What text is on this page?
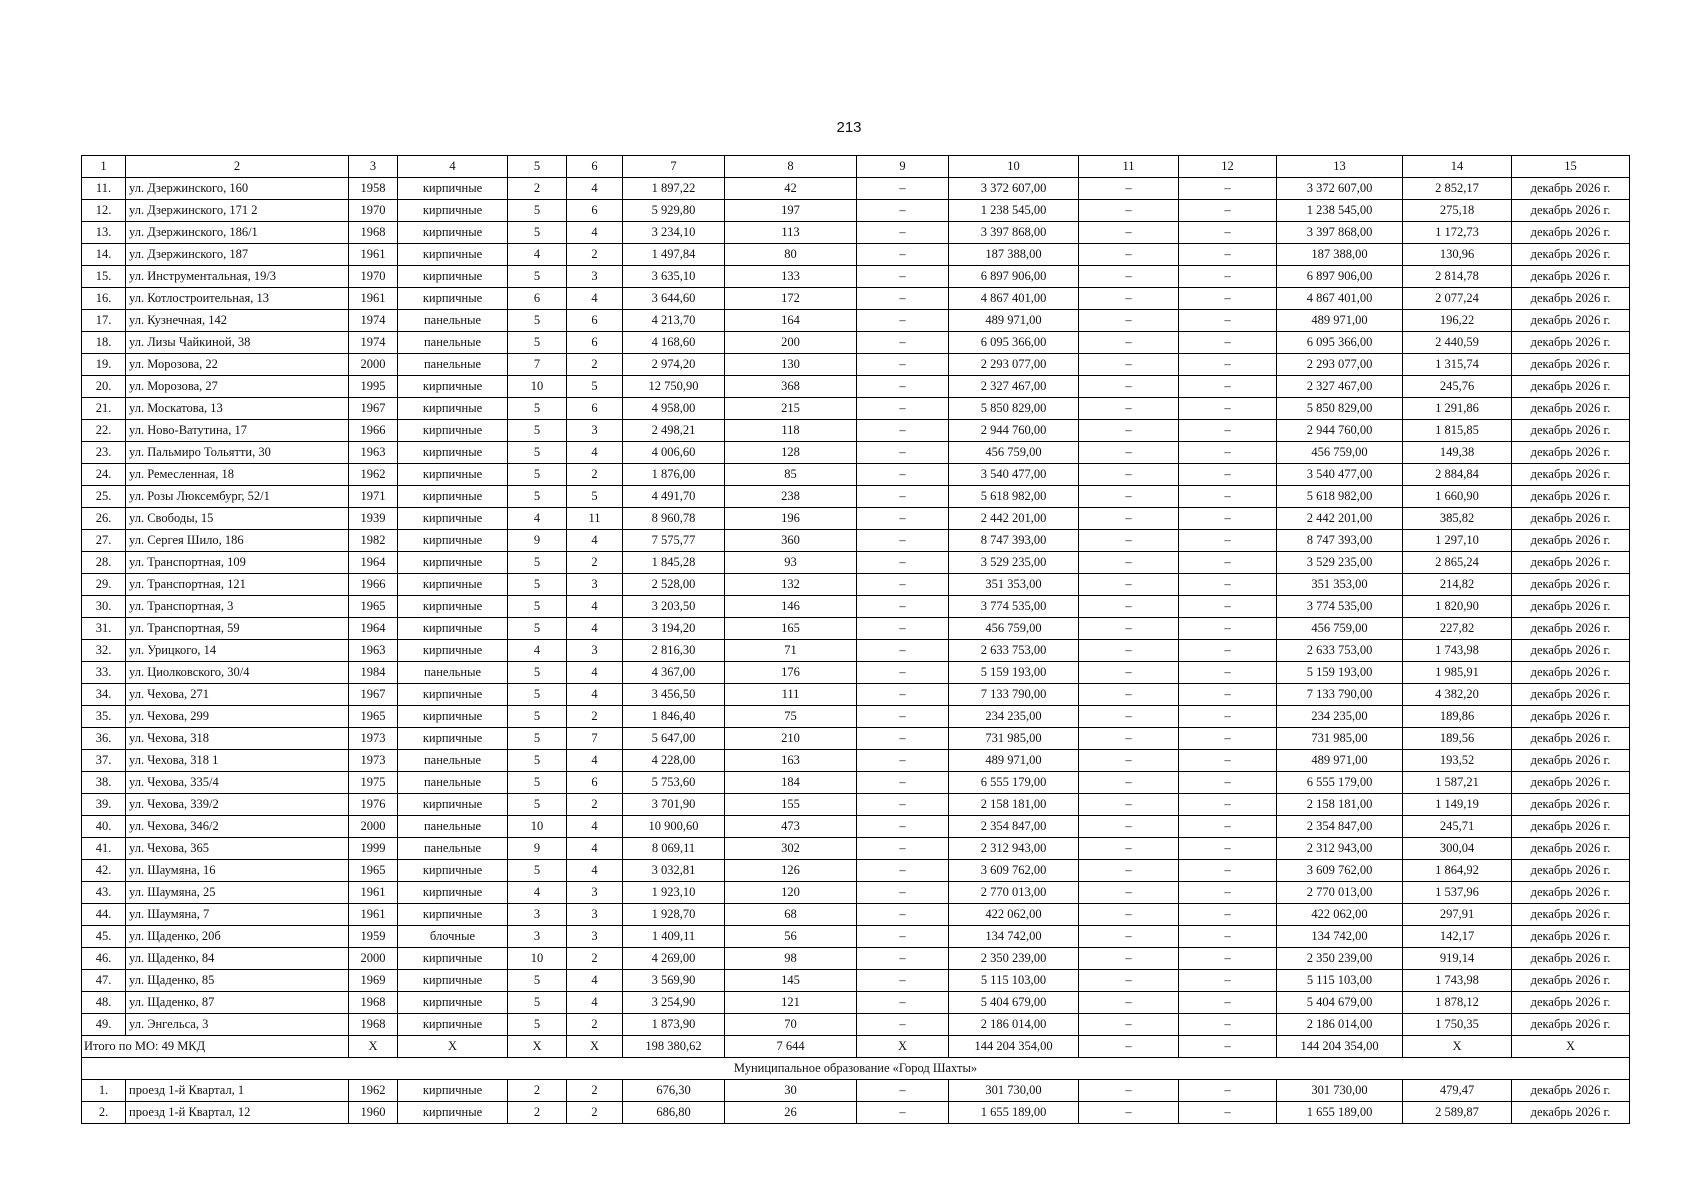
213
1	2	3	4	5	6	7	8	9	10	11	12	13	14	15
11.	ул. Дзержинского, 160	1958	кирпичные	2	4	1 897,22	42	–	3 372 607,00	–	–	3 372 607,00	2 852,17	декабрь 2026 г.
12.	ул. Дзержинского, 171 2	1970	кирпичные	5	6	5 929,80	197	–	1 238 545,00	–	–	1 238 545,00	275,18	декабрь 2026 г.
13.	ул. Дзержинского, 186/1	1968	кирпичные	5	4	3 234,10	113	–	3 397 868,00	–	–	3 397 868,00	1 172,73	декабрь 2026 г.
14.	ул. Дзержинского, 187	1961	кирпичные	4	2	1 497,84	80	–	187 388,00	–	–	187 388,00	130,96	декабрь 2026 г.
15.	ул. Инструментальная, 19/3	1970	кирпичные	5	3	3 635,10	133	–	6 897 906,00	–	–	6 897 906,00	2 814,78	декабрь 2026 г.
16.	ул. Котлостроительная, 13	1961	кирпичные	6	4	3 644,60	172	–	4 867 401,00	–	–	4 867 401,00	2 077,24	декабрь 2026 г.
17.	ул. Кузнечная, 142	1974	панельные	5	6	4 213,70	164	–	489 971,00	–	–	489 971,00	196,22	декабрь 2026 г.
18.	ул. Лизы Чайкиной, 38	1974	панельные	5	6	4 168,60	200	–	6 095 366,00	–	–	6 095 366,00	2 440,59	декабрь 2026 г.
19.	ул. Морозова, 22	2000	панельные	7	2	2 974,20	130	–	2 293 077,00	–	–	2 293 077,00	1 315,74	декабрь 2026 г.
20.	ул. Морозова, 27	1995	кирпичные	10	5	12 750,90	368	–	2 327 467,00	–	–	2 327 467,00	245,76	декабрь 2026 г.
21.	ул. Москатова, 13	1967	кирпичные	5	6	4 958,00	215	–	5 850 829,00	–	–	5 850 829,00	1 291,86	декабрь 2026 г.
22.	ул. Ново-Ватутина, 17	1966	кирпичные	5	3	2 498,21	118	–	2 944 760,00	–	–	2 944 760,00	1 815,85	декабрь 2026 г.
23.	ул. Пальмиро Тольятти, 30	1963	кирпичные	5	4	4 006,60	128	–	456 759,00	–	–	456 759,00	149,38	декабрь 2026 г.
24.	ул. Ремесленная, 18	1962	кирпичные	5	2	1 876,00	85	–	3 540 477,00	–	–	3 540 477,00	2 884,84	декабрь 2026 г.
25.	ул. Розы Люксембург, 52/1	1971	кирпичные	5	5	4 491,70	238	–	5 618 982,00	–	–	5 618 982,00	1 660,90	декабрь 2026 г.
26.	ул. Свободы, 15	1939	кирпичные	4	11	8 960,78	196	–	2 442 201,00	–	–	2 442 201,00	385,82	декабрь 2026 г.
27.	ул. Сергея Шило, 186	1982	кирпичные	9	4	7 575,77	360	–	8 747 393,00	–	–	8 747 393,00	1 297,10	декабрь 2026 г.
28.	ул. Транспортная, 109	1964	кирпичные	5	2	1 845,28	93	–	3 529 235,00	–	–	3 529 235,00	2 865,24	декабрь 2026 г.
29.	ул. Транспортная, 121	1966	кирпичные	5	3	2 528,00	132	–	351 353,00	–	–	351 353,00	214,82	декабрь 2026 г.
30.	ул. Транспортная, 3	1965	кирпичные	5	4	3 203,50	146	–	3 774 535,00	–	–	3 774 535,00	1 820,90	декабрь 2026 г.
31.	ул. Транспортная, 59	1964	кирпичные	5	4	3 194,20	165	–	456 759,00	–	–	456 759,00	227,82	декабрь 2026 г.
32.	ул. Урицкого, 14	1963	кирпичные	4	3	2 816,30	71	–	2 633 753,00	–	–	2 633 753,00	1 743,98	декабрь 2026 г.
33.	ул. Циолковского, 30/4	1984	панельные	5	4	4 367,00	176	–	5 159 193,00	–	–	5 159 193,00	1 985,91	декабрь 2026 г.
34.	ул. Чехова, 271	1967	кирпичные	5	4	3 456,50	111	–	7 133 790,00	–	–	7 133 790,00	4 382,20	декабрь 2026 г.
35.	ул. Чехова, 299	1965	кирпичные	5	2	1 846,40	75	–	234 235,00	–	–	234 235,00	189,86	декабрь 2026 г.
36.	ул. Чехова, 318	1973	кирпичные	5	7	5 647,00	210	–	731 985,00	–	–	731 985,00	189,56	декабрь 2026 г.
37.	ул. Чехова, 318 1	1973	панельные	5	4	4 228,00	163	–	489 971,00	–	–	489 971,00	193,52	декабрь 2026 г.
38.	ул. Чехова, 335/4	1975	панельные	5	6	5 753,60	184	–	6 555 179,00	–	–	6 555 179,00	1 587,21	декабрь 2026 г.
39.	ул. Чехова, 339/2	1976	кирпичные	5	2	3 701,90	155	–	2 158 181,00	–	–	2 158 181,00	1 149,19	декабрь 2026 г.
40.	ул. Чехова, 346/2	2000	панельные	10	4	10 900,60	473	–	2 354 847,00	–	–	2 354 847,00	245,71	декабрь 2026 г.
41.	ул. Чехова, 365	1999	панельные	9	4	8 069,11	302	–	2 312 943,00	–	–	2 312 943,00	300,04	декабрь 2026 г.
42.	ул. Шаумяна, 16	1965	кирпичные	5	4	3 032,81	126	–	3 609 762,00	–	–	3 609 762,00	1 864,92	декабрь 2026 г.
43.	ул. Шаумяна, 25	1961	кирпичные	4	3	1 923,10	120	–	2 770 013,00	–	–	2 770 013,00	1 537,96	декабрь 2026 г.
44.	ул. Шаумяна, 7	1961	кирпичные	3	3	1 928,70	68	–	422 062,00	–	–	422 062,00	297,91	декабрь 2026 г.
45.	ул. Щаденко, 20б	1959	блочные	3	3	1 409,11	56	–	134 742,00	–	–	134 742,00	142,17	декабрь 2026 г.
46.	ул. Щаденко, 84	2000	кирпичные	10	2	4 269,00	98	–	2 350 239,00	–	–	2 350 239,00	919,14	декабрь 2026 г.
47.	ул. Щаденко, 85	1969	кирпичные	5	4	3 569,90	145	–	5 115 103,00	–	–	5 115 103,00	1 743,98	декабрь 2026 г.
48.	ул. Щаденко, 87	1968	кирпичные	5	4	3 254,90	121	–	5 404 679,00	–	–	5 404 679,00	1 878,12	декабрь 2026 г.
49.	ул. Энгельса, 3	1968	кирпичные	5	2	1 873,90	70	–	2 186 014,00	–	–	2 186 014,00	1 750,35	декабрь 2026 г.
Итого по МО: 49 МКД		Х	Х	Х	Х	198 380,62	7 644	Х	144 204 354,00	–	–	144 204 354,00	Х	Х
Муниципальное образование «Город Шахты»														
1.	проезд 1-й Квартал, 1	1962	кирпичные	2	2	676,30	30	–	301 730,00	–	–	301 730,00	479,47	декабрь 2026 г.
2.	проезд 1-й Квартал, 12	1960	кирпичные	2	2	686,80	26	–	1 655 189,00	–	–	1 655 189,00	2 589,87	декабрь 2026 г.
